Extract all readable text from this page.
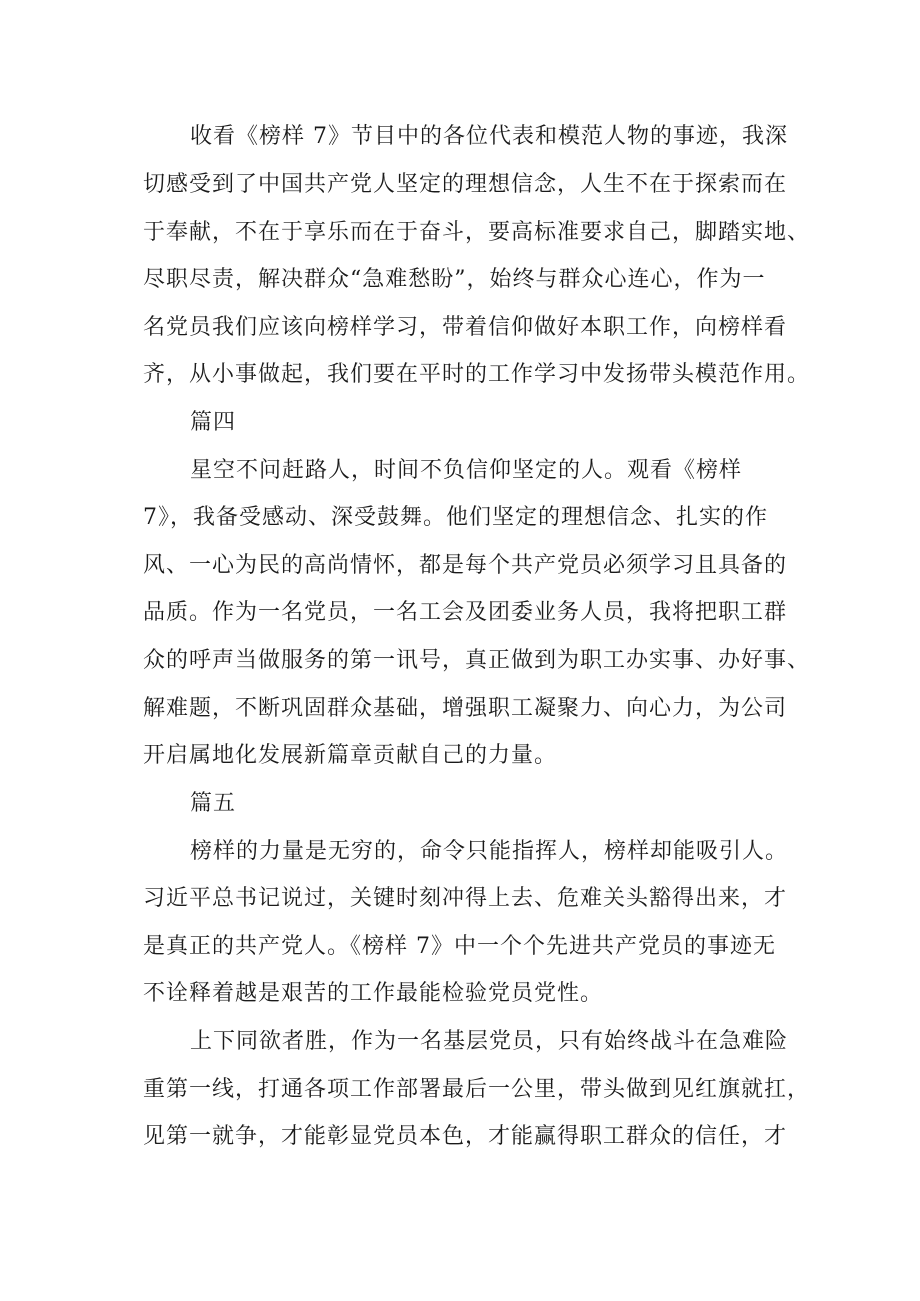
收看《榜样 7》节目中的各位代表和模范人物的事迹，我深
切感受到了中国共产党人坚定的理想信念，人生不在于探索而在
于奉献，不在于享乐而在于奋斗，要高标准要求自己，脚踏实地、
尽职尽责，解决群众“急难愁盼”，始终与群众心连心，作为一
名党员我们应该向榜样学习，带着信仰做好本职工作，向榜样看
齐，从小事做起，我们要在平时的工作学习中发扬带头模范作用。
篇四
星空不问赶路人，时间不负信仰坚定的人。观看《榜样
7》，我备受感动、深受鼓舞。他们坚定的理想信念、扎实的作
风、一心为民的高尚情怀，都是每个共产党员必须学习且具备的
品质。作为一名党员，一名工会及团委业务人员，我将把职工群
众的呼声当做服务的第一讯号，真正做到为职工办实事、办好事、
解难题，不断巩固群众基础，增强职工凝聚力、向心力，为公司
开启属地化发展新篇章贡献自己的力量。
篇五
榜样的力量是无穷的，命令只能指挥人，榜样却能吸引人。
习近平总书记说过，关键时刻冲得上去、危难关头豁得出来，才
是真正的共产党人。《榜样 7》中一个个先进共产党员的事迹无
不诠释着越是艰苦的工作最能检验党员党性。
上下同欲者胜，作为一名基层党员，只有始终战斗在急难险
重第一线，打通各项工作部署最后一公里，带头做到见红旗就扛，
见第一就争，才能彰显党员本色，才能赢得职工群众的信任，才
